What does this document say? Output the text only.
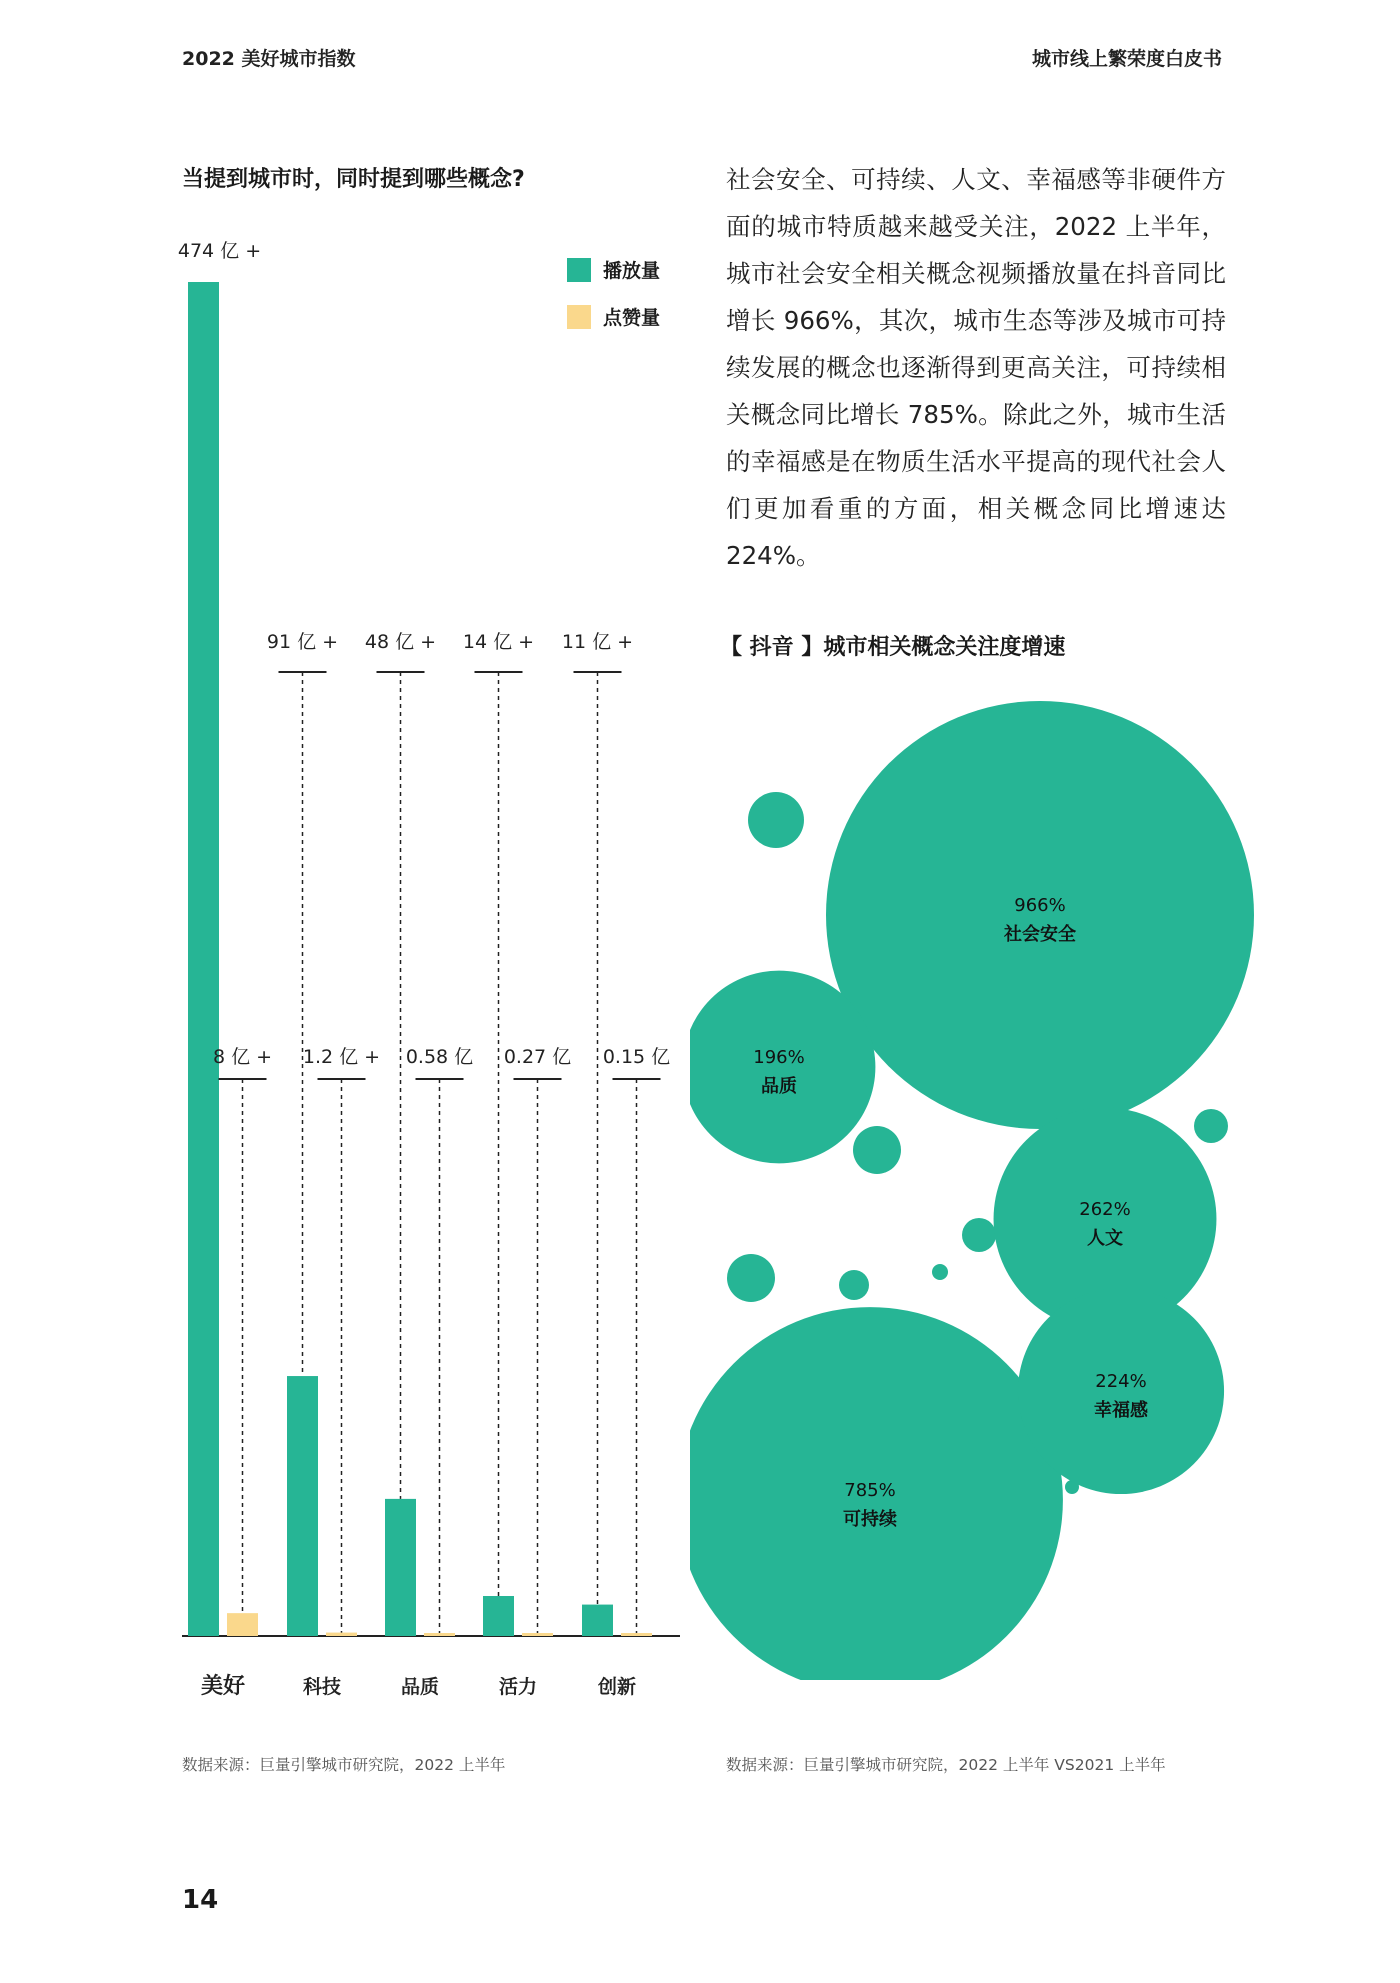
2022 美好城市指数	城市线上繁荣度白皮书
当提到城市时，同时提到哪些概念?
播放量
点赞量
474 亿 +
8 亿 +
美好
91 亿 +
1.2 亿 +
科技
48 亿 +
0.58 亿
品质
14 亿 +
0.27 亿
活力
11 亿 +
0.15 亿
创新
社会安全、可持续、人文、幸福感等非硬件方面的城市特质越来越受关注，2022 上半年，城市社会安全相关概念视频播放量在抖音同比增长 966%，其次，城市生态等涉及城市可持续发展的概念也逐渐得到更高关注，可持续相关概念同比增长 785%。除此之外，城市生活的幸福感是在物质生活水平提高的现代社会人们更加看重的方面，相关概念同比增速达 224%。
【 抖音 】城市相关概念关注度增速
966%
社会安全
785%
可持续
262%
人文
224%
幸福感
196%
品质
数据来源：巨量引擎城市研究院，2022 上半年	数据来源：巨量引擎城市研究院，2022 上半年 VS2021 上半年
14
